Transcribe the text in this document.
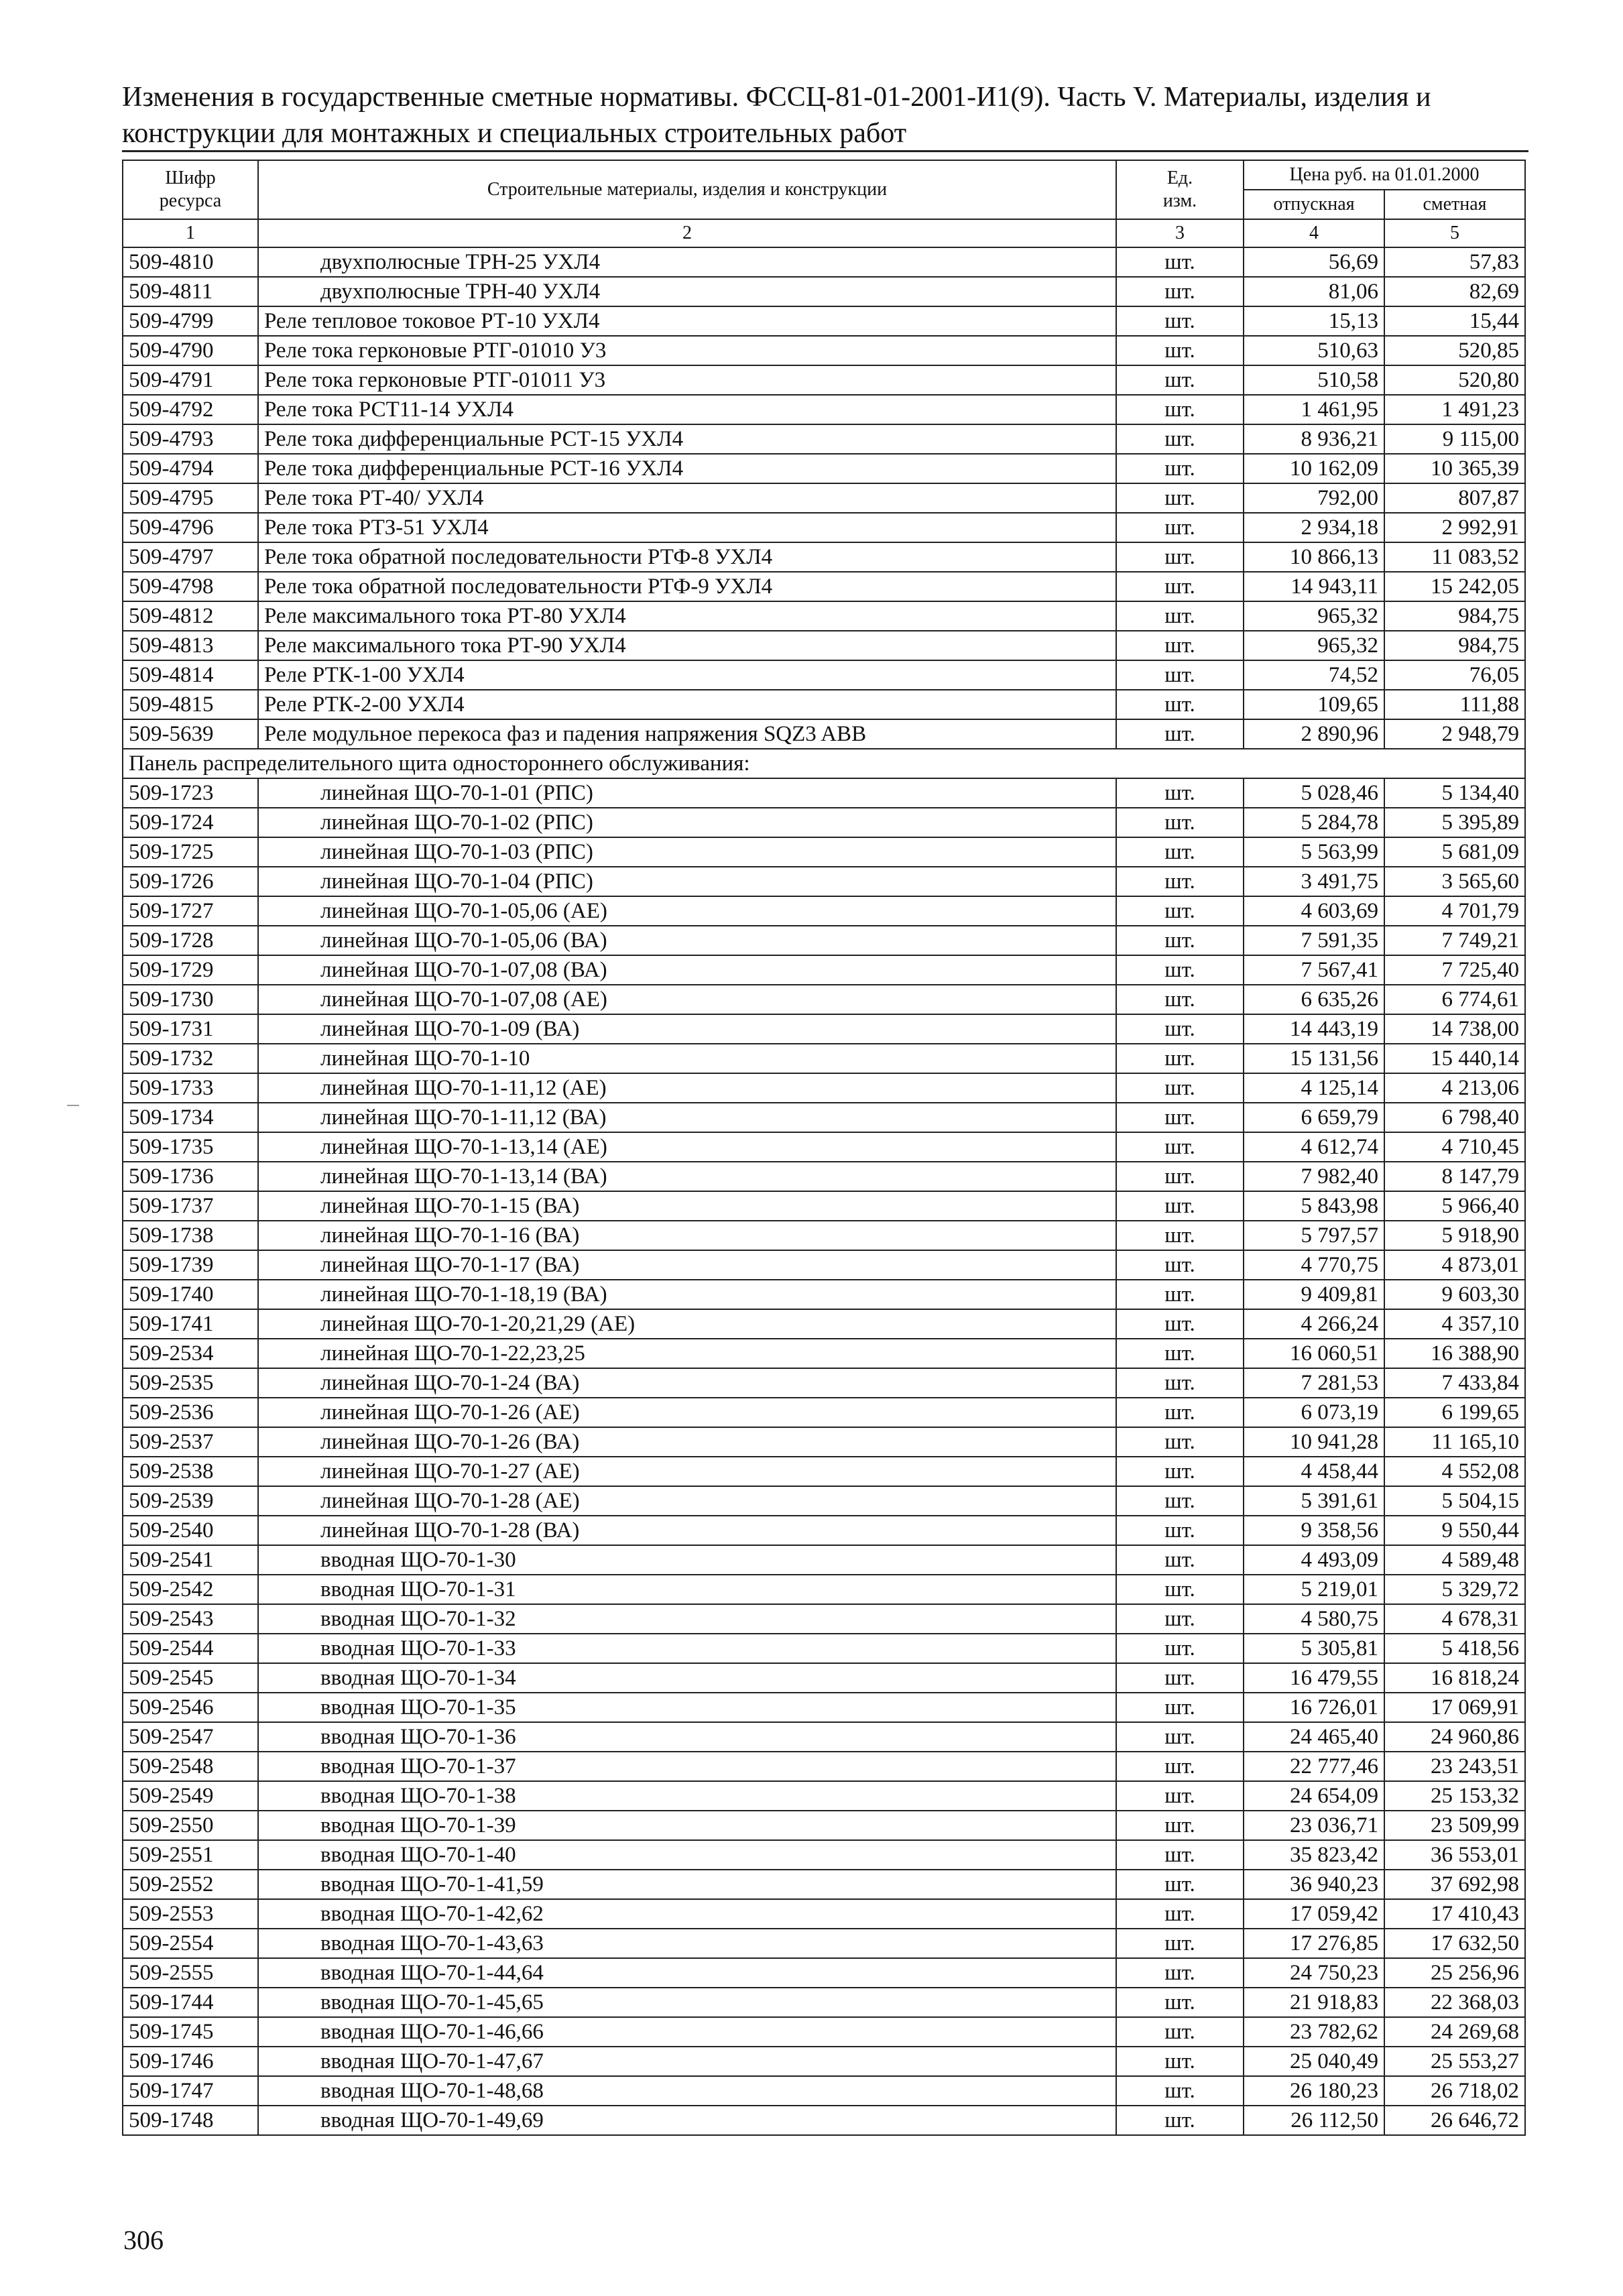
Изменения в государственные сметные нормативы. ФССЦ-81-01-2001-И1(9). Часть V. Материалы, изделия и
конструкции для монтажных и специальных строительных работ
Шифр
ресурса	Строительные материалы, изделия и конструкции	Ед.
изм.	Цена руб. на 01.01.2000	
			отпускная	сметная
1	2	3	4	5
509-4810	двухполюсные ТРН-25 УХЛ4	шт.	56,69	57,83
509-4811	двухполюсные ТРН-40 УХЛ4	шт.	81,06	82,69
509-4799	Реле тепловое токовое РТ-10 УХЛ4	шт.	15,13	15,44
509-4790	Реле тока герконовые РТГ-01010 У3	шт.	510,63	520,85
509-4791	Реле тока герконовые РТГ-01011 У3	шт.	510,58	520,80
509-4792	Реле тока РСТ11-14 УХЛ4	шт.	1 461,95	1 491,23
509-4793	Реле тока дифференциальные РСТ-15 УХЛ4	шт.	8 936,21	9 115,00
509-4794	Реле тока дифференциальные РСТ-16 УХЛ4	шт.	10 162,09	10 365,39
509-4795	Реле тока РТ-40/ УХЛ4	шт.	792,00	807,87
509-4796	Реле тока РТЗ-51 УХЛ4	шт.	2 934,18	2 992,91
509-4797	Реле тока обратной последовательности РТФ-8 УХЛ4	шт.	10 866,13	11 083,52
509-4798	Реле тока обратной последовательности РТФ-9 УХЛ4	шт.	14 943,11	15 242,05
509-4812	Реле максимального тока РТ-80 УХЛ4	шт.	965,32	984,75
509-4813	Реле максимального тока РТ-90 УХЛ4	шт.	965,32	984,75
509-4814	Реле РТК-1-00 УХЛ4	шт.	74,52	76,05
509-4815	Реле РТК-2-00 УХЛ4	шт.	109,65	111,88
509-5639	Реле модульное перекоса фаз и падения напряжения SQZ3 ABB	шт.	2 890,96	2 948,79
Панель распределительного щита одностороннего обслуживания:				
509-1723	линейная ЩО-70-1-01 (РПС)	шт.	5 028,46	5 134,40
509-1724	линейная ЩО-70-1-02 (РПС)	шт.	5 284,78	5 395,89
509-1725	линейная ЩО-70-1-03 (РПС)	шт.	5 563,99	5 681,09
509-1726	линейная ЩО-70-1-04 (РПС)	шт.	3 491,75	3 565,60
509-1727	линейная ЩО-70-1-05,06 (АЕ)	шт.	4 603,69	4 701,79
509-1728	линейная ЩО-70-1-05,06 (ВА)	шт.	7 591,35	7 749,21
509-1729	линейная ЩО-70-1-07,08 (ВА)	шт.	7 567,41	7 725,40
509-1730	линейная ЩО-70-1-07,08 (АЕ)	шт.	6 635,26	6 774,61
509-1731	линейная ЩО-70-1-09 (ВА)	шт.	14 443,19	14 738,00
509-1732	линейная ЩО-70-1-10	шт.	15 131,56	15 440,14
509-1733	линейная ЩО-70-1-11,12 (АЕ)	шт.	4 125,14	4 213,06
509-1734	линейная ЩО-70-1-11,12 (ВА)	шт.	6 659,79	6 798,40
509-1735	линейная ЩО-70-1-13,14 (АЕ)	шт.	4 612,74	4 710,45
509-1736	линейная ЩО-70-1-13,14 (ВА)	шт.	7 982,40	8 147,79
509-1737	линейная ЩО-70-1-15 (ВА)	шт.	5 843,98	5 966,40
509-1738	линейная ЩО-70-1-16 (ВА)	шт.	5 797,57	5 918,90
509-1739	линейная ЩО-70-1-17 (ВА)	шт.	4 770,75	4 873,01
509-1740	линейная ЩО-70-1-18,19 (ВА)	шт.	9 409,81	9 603,30
509-1741	линейная ЩО-70-1-20,21,29 (АЕ)	шт.	4 266,24	4 357,10
509-2534	линейная ЩО-70-1-22,23,25	шт.	16 060,51	16 388,90
509-2535	линейная ЩО-70-1-24 (ВА)	шт.	7 281,53	7 433,84
509-2536	линейная ЩО-70-1-26 (АЕ)	шт.	6 073,19	6 199,65
509-2537	линейная ЩО-70-1-26 (ВА)	шт.	10 941,28	11 165,10
509-2538	линейная ЩО-70-1-27 (АЕ)	шт.	4 458,44	4 552,08
509-2539	линейная ЩО-70-1-28 (АЕ)	шт.	5 391,61	5 504,15
509-2540	линейная ЩО-70-1-28 (ВА)	шт.	9 358,56	9 550,44
509-2541	вводная ЩО-70-1-30	шт.	4 493,09	4 589,48
509-2542	вводная ЩО-70-1-31	шт.	5 219,01	5 329,72
509-2543	вводная ЩО-70-1-32	шт.	4 580,75	4 678,31
509-2544	вводная ЩО-70-1-33	шт.	5 305,81	5 418,56
509-2545	вводная ЩО-70-1-34	шт.	16 479,55	16 818,24
509-2546	вводная ЩО-70-1-35	шт.	16 726,01	17 069,91
509-2547	вводная ЩО-70-1-36	шт.	24 465,40	24 960,86
509-2548	вводная ЩО-70-1-37	шт.	22 777,46	23 243,51
509-2549	вводная ЩО-70-1-38	шт.	24 654,09	25 153,32
509-2550	вводная ЩО-70-1-39	шт.	23 036,71	23 509,99
509-2551	вводная ЩО-70-1-40	шт.	35 823,42	36 553,01
509-2552	вводная ЩО-70-1-41,59	шт.	36 940,23	37 692,98
509-2553	вводная ЩО-70-1-42,62	шт.	17 059,42	17 410,43
509-2554	вводная ЩО-70-1-43,63	шт.	17 276,85	17 632,50
509-2555	вводная ЩО-70-1-44,64	шт.	24 750,23	25 256,96
509-1744	вводная ЩО-70-1-45,65	шт.	21 918,83	22 368,03
509-1745	вводная ЩО-70-1-46,66	шт.	23 782,62	24 269,68
509-1746	вводная ЩО-70-1-47,67	шт.	25 040,49	25 553,27
509-1747	вводная ЩО-70-1-48,68	шт.	26 180,23	26 718,02
509-1748	вводная ЩО-70-1-49,69	шт.	26 112,50	26 646,72
306
